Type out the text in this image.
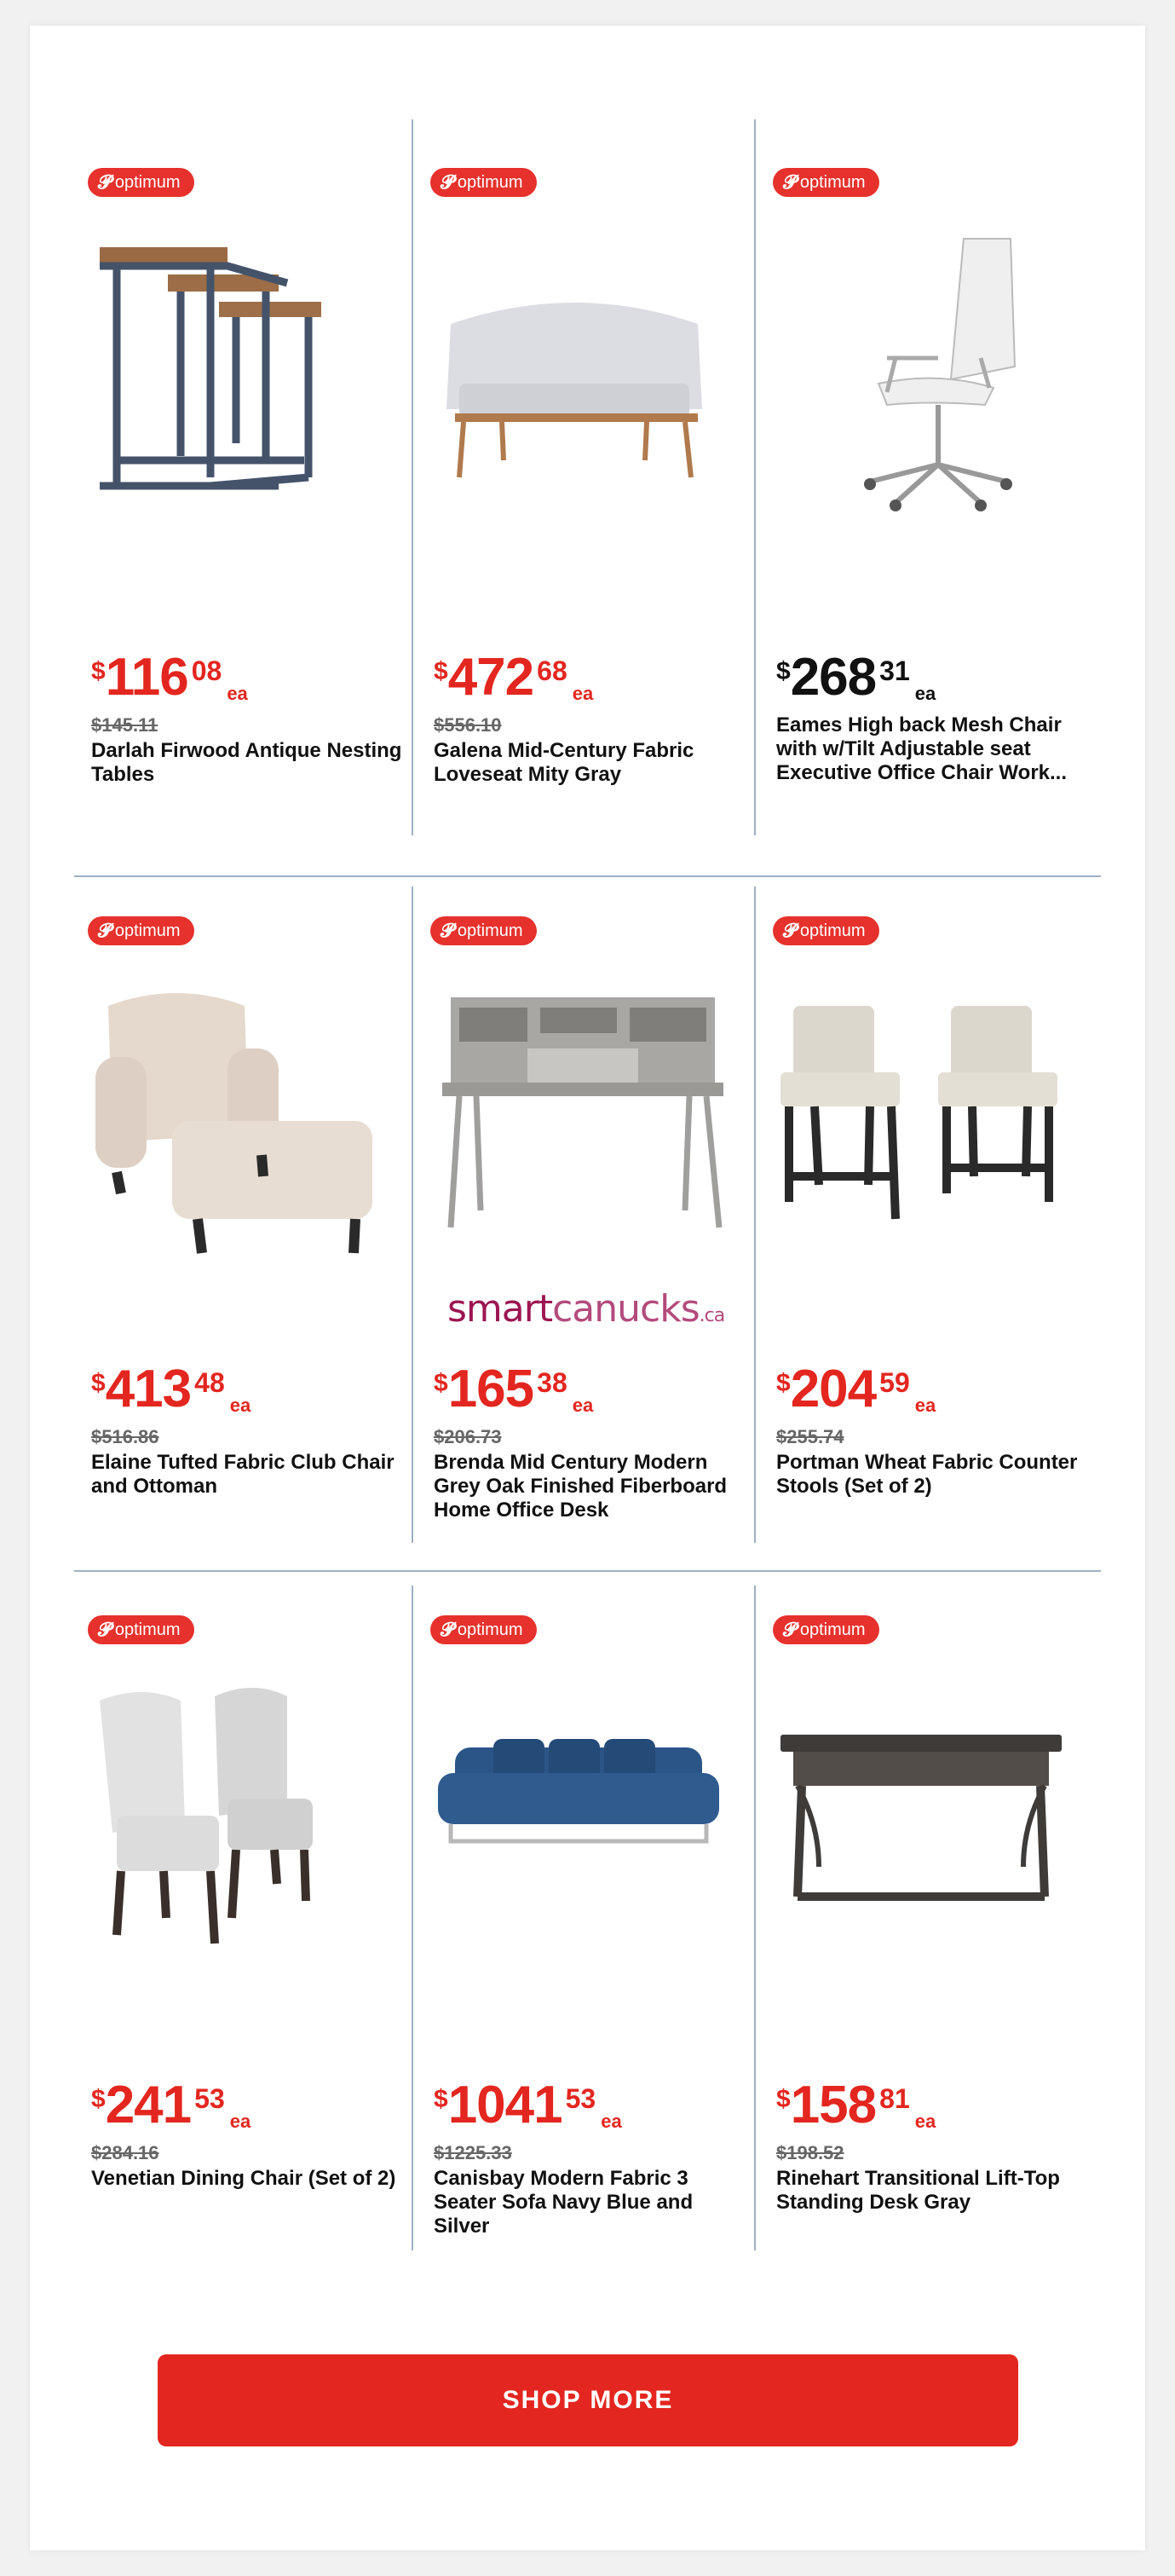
𝓟 optimum
$ 116 08
ea
$145.11
Darlah Firwood Antique Nesting Tables
𝓟 optimum
$ 472 68
ea
$556.10
Galena Mid-Century Fabric Loveseat Mity Gray
𝓟 optimum
$ 268 31
ea
Eames High back Mesh Chair with w/Tilt Adjustable seat Executive Office Chair Work...
𝓟 optimum
$ 413 48
ea
$516.86
Elaine Tufted Fabric Club Chair and Ottoman
𝓟 optimum
$ 165 38
ea
$206.73
Brenda Mid Century Modern Grey Oak Finished Fiberboard Home Office Desk
𝓟 optimum
$ 204 59
ea
$255.74
Portman Wheat Fabric Counter Stools (Set of 2)
𝓟 optimum
$ 241 53
ea
$284.16
Venetian Dining Chair (Set of 2)
𝓟 optimum
$ 1041 53
ea
$1225.33
Canisbay Modern Fabric 3 Seater Sofa Navy Blue and Silver
𝓟 optimum
$ 158 81
ea
$198.52
Rinehart Transitional Lift-Top Standing Desk Gray
smartcanucks.ca
SHOP MORE
